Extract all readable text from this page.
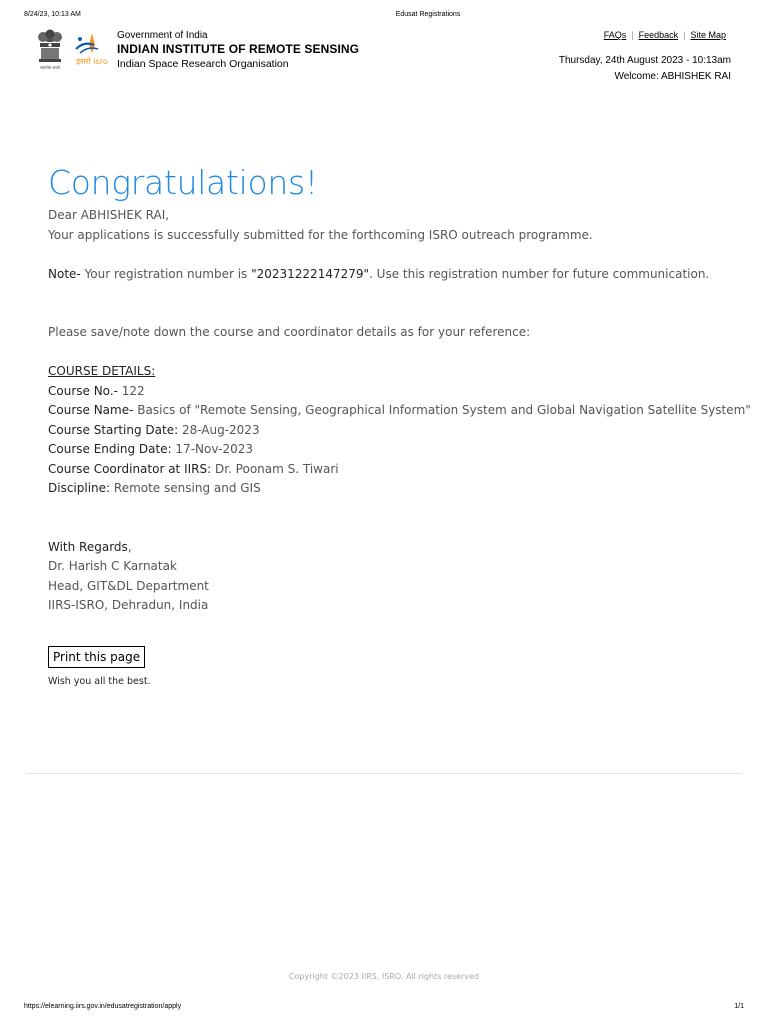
8/24/23, 10:13 AM	Edusat Registrations
सत्यमेव जयते
इसरो isro
Government of India
INDIAN INSTITUTE OF REMOTE SENSING
Indian Space Research Organisation
FAQs | Feedback | Site Map
Thursday, 24th August 2023 - 10:13am
Welcome: ABHISHEK RAI
Congratulations!

Dear ABHISHEK RAI,

Your applications is successfully submitted for the forthcoming ISRO outreach programme.

Note- Your registration number is "20231222147279". Use this registration number for future communication.

Please save/note down the course and coordinator details as for your reference:

COURSE DETAILS:

Course No.- 122

Course Name- Basics of "Remote Sensing, Geographical Information System and Global Navigation Satellite System"

Course Starting Date: 28-Aug-2023

Course Ending Date: 17-Nov-2023

Course Coordinator at IIRS: Dr. Poonam S. Tiwari

Discipline: Remote sensing and GIS

With Regards,

Dr. Harish C Karnatak

Head, GIT&DL Department

IIRS-ISRO, Dehradun, India

Print this page
Wish you all the best.
Copyright ©2023 IIRS, ISRO. All rights reserved
https://elearning.iirs.gov.in/edusatregistration/apply	1/1
